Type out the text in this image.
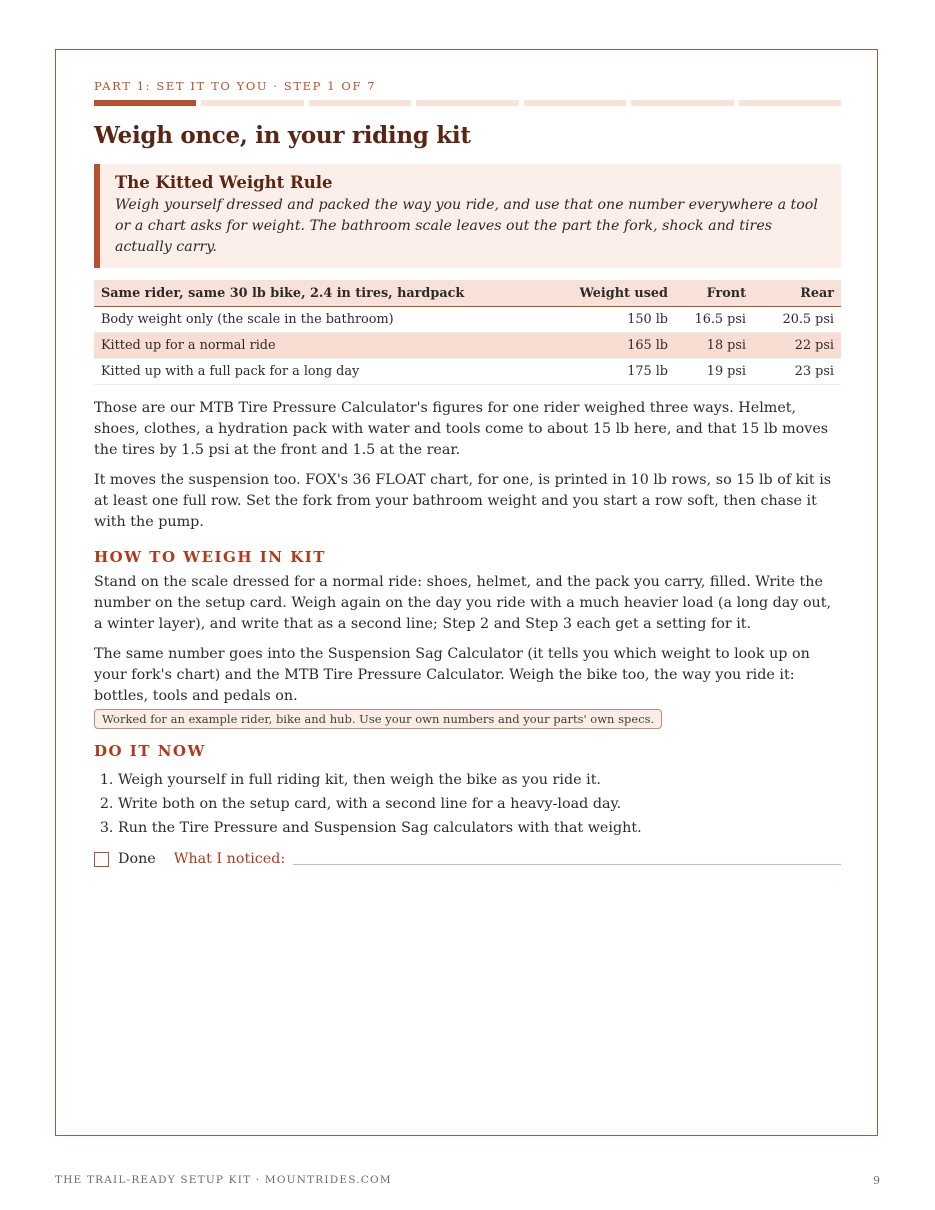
PART 1: SET IT TO YOU · STEP 1 OF 7
Weigh once, in your riding kit
The Kitted Weight Rule
Weigh yourself dressed and packed the way you ride, and use that one number everywhere a tool or a chart asks for weight. The bathroom scale leaves out the part the fork, shock and tires actually carry.
Same rider, same 30 lb bike, 2.4 in tires, hardpack	Weight used	Front	Rear
Body weight only (the scale in the bathroom)	150 lb	16.5 psi	20.5 psi
Kitted up for a normal ride	165 lb	18 psi	22 psi
Kitted up with a full pack for a long day	175 lb	19 psi	23 psi

Those are our MTB Tire Pressure Calculator's figures for one rider weighed three ways. Helmet, shoes, clothes, a hydration pack with water and tools come to about 15 lb here, and that 15 lb moves the tires by 1.5 psi at the front and 1.5 at the rear.

It moves the suspension too. FOX's 36 FLOAT chart, for one, is printed in 10 lb rows, so 15 lb of kit is at least one full row. Set the fork from your bathroom weight and you start a row soft, then chase it with the pump.

HOW TO WEIGH IN KIT

Stand on the scale dressed for a normal ride: shoes, helmet, and the pack you carry, filled. Write the number on the setup card. Weigh again on the day you ride with a much heavier load (a long day out, a winter layer), and write that as a second line; Step 2 and Step 3 each get a setting for it.

The same number goes into the Suspension Sag Calculator (it tells you which weight to look up on your fork's chart) and the MTB Tire Pressure Calculator. Weigh the bike too, the way you ride it: bottles, tools and pedals on.

Worked for an example rider, bike and hub. Use your own numbers and your parts' own specs.
DO IT NOW
1. Weigh yourself in full riding kit, then weigh the bike as you ride it.
2. Write both on the setup card, with a second line for a heavy-load day.
3. Run the Tire Pressure and Suspension Sag calculators with that weight.
Done What I noticed:
THE TRAIL-READY SETUP KIT · MOUNTRIDES.COM	9
